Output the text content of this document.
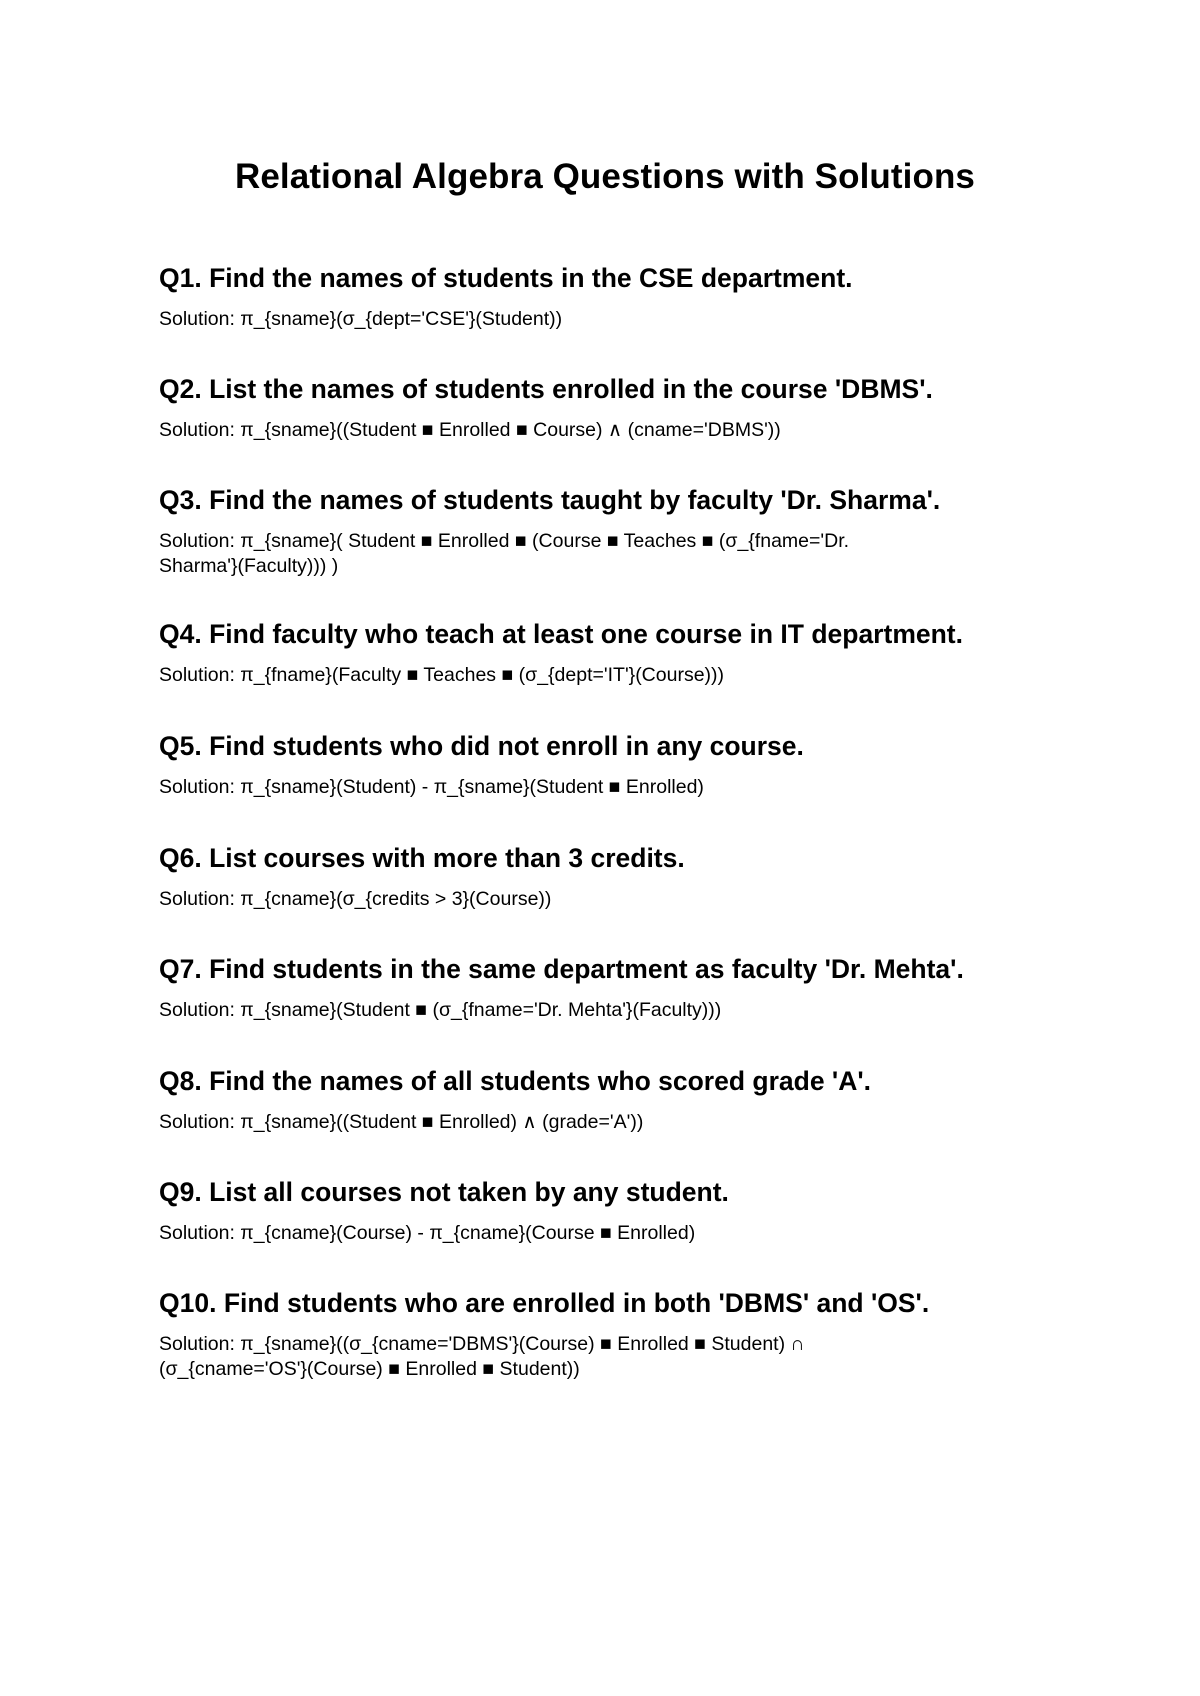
Relational Algebra Questions with Solutions

Q1. Find the names of students in the CSE department.

Solution: π_{sname}(σ_{dept='CSE'}(Student))

Q2. List the names of students enrolled in the course 'DBMS'.

Solution: π_{sname}((Student ■ Enrolled ■ Course) ∧ (cname='DBMS'))

Q3. Find the names of students taught by faculty 'Dr. Sharma'.

Solution: π_{sname}( Student ■ Enrolled ■ (Course ■ Teaches ■ (σ_{fname='Dr. Sharma'}(Faculty))) )

Q4. Find faculty who teach at least one course in IT department.

Solution: π_{fname}(Faculty ■ Teaches ■ (σ_{dept='IT'}(Course)))

Q5. Find students who did not enroll in any course.

Solution: π_{sname}(Student) - π_{sname}(Student ■ Enrolled)

Q6. List courses with more than 3 credits.

Solution: π_{cname}(σ_{credits > 3}(Course))

Q7. Find students in the same department as faculty 'Dr. Mehta'.

Solution: π_{sname}(Student ■ (σ_{fname='Dr. Mehta'}(Faculty)))

Q8. Find the names of all students who scored grade 'A'.

Solution: π_{sname}((Student ■ Enrolled) ∧ (grade='A'))

Q9. List all courses not taken by any student.

Solution: π_{cname}(Course) - π_{cname}(Course ■ Enrolled)

Q10. Find students who are enrolled in both 'DBMS' and 'OS'.

Solution: π_{sname}((σ_{cname='DBMS'}(Course) ■ Enrolled ■ Student) ∩ (σ_{cname='OS'}(Course) ■ Enrolled ■ Student))
